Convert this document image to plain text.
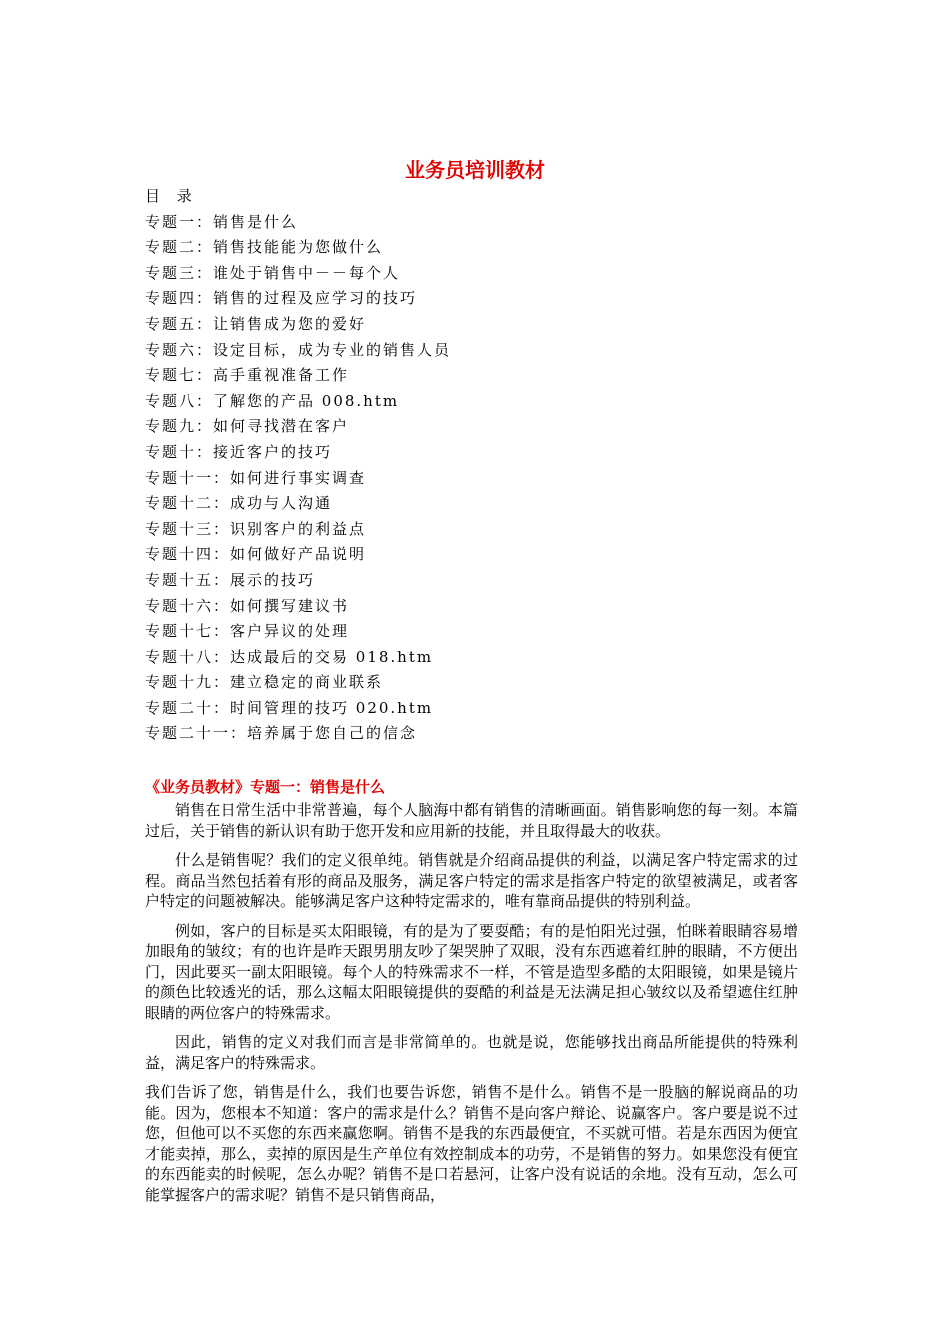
业务员培训教材
目 录
专题一：销售是什么
专题二：销售技能能为您做什么
专题三：谁处于销售中－－每个人
专题四：销售的过程及应学习的技巧
专题五：让销售成为您的爱好
专题六：设定目标，成为专业的销售人员
专题七：高手重视准备工作
专题八：了解您的产品 008.htm
专题九：如何寻找潜在客户
专题十：接近客户的技巧
专题十一：如何进行事实调查
专题十二：成功与人沟通
专题十三：识别客户的利益点
专题十四：如何做好产品说明
专题十五：展示的技巧
专题十六：如何撰写建议书
专题十七：客户异议的处理
专题十八：达成最后的交易 018.htm
专题十九：建立稳定的商业联系
专题二十：时间管理的技巧 020.htm
专题二十一：培养属于您自己的信念
《业务员教材》专题一：销售是什么

销售在日常生活中非常普遍，每个人脑海中都有销售的清晰画面。销售影响您的每一刻。本篇过后，关于销售的新认识有助于您开发和应用新的技能，并且取得最大的收获。

什么是销售呢？我们的定义很单纯。销售就是介绍商品提供的利益，以满足客户特定需求的过程。商品当然包括着有形的商品及服务，满足客户特定的需求是指客户特定的欲望被满足，或者客户特定的问题被解决。能够满足客户这种特定需求的，唯有靠商品提供的特别利益。

例如，客户的目标是买太阳眼镜，有的是为了要耍酷；有的是怕阳光过强，怕眯着眼睛容易增加眼角的皱纹；有的也许是昨天跟男朋友吵了架哭肿了双眼，没有东西遮着红肿的眼睛，不方便出门，因此要买一副太阳眼镜。每个人的特殊需求不一样，不管是造型多酷的太阳眼镜，如果是镜片的颜色比较透光的话，那么这幅太阳眼镜提供的耍酷的利益是无法满足担心皱纹以及希望遮住红肿眼睛的两位客户的特殊需求。

因此，销售的定义对我们而言是非常简单的。也就是说，您能够找出商品所能提供的特殊利益，满足客户的特殊需求。

我们告诉了您，销售是什么，我们也要告诉您，销售不是什么。销售不是一股脑的解说商品的功能。因为，您根本不知道：客户的需求是什么？销售不是向客户辩论、说赢客户。客户要是说不过您，但他可以不买您的东西来赢您啊。销售不是我的东西最便宜，不买就可惜。若是东西因为便宜才能卖掉，那么，卖掉的原因是生产单位有效控制成本的功劳，不是销售的努力。如果您没有便宜的东西能卖的时候呢，怎么办呢？销售不是口若悬河，让客户没有说话的余地。没有互动，怎么可能掌握客户的需求呢？销售不是只销售商品，
